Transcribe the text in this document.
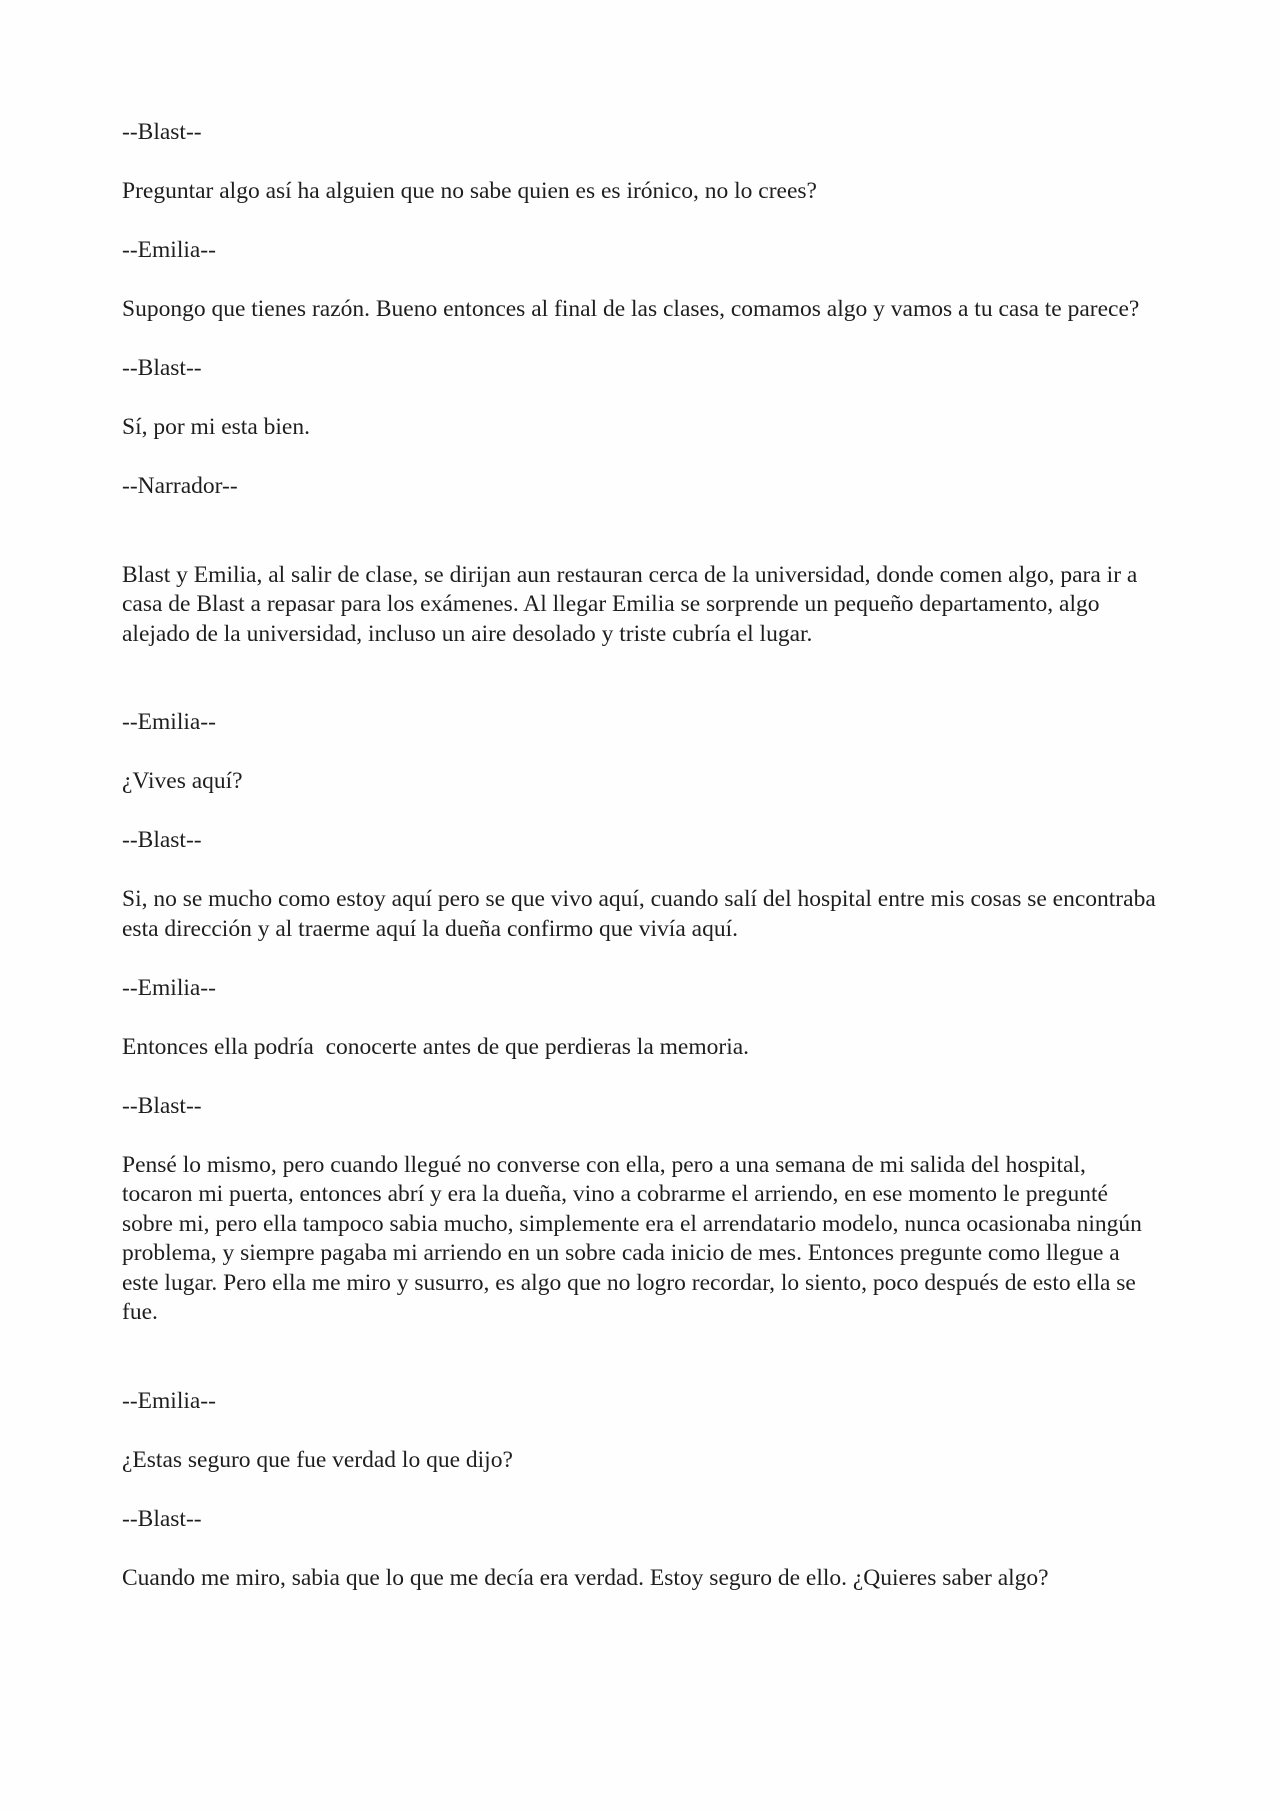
--Blast--

Preguntar algo así ha alguien que no sabe quien es es irónico, no lo crees?

--Emilia--

Supongo que tienes razón. Bueno entonces al final de las clases, comamos algo y vamos a tu casa te parece?

--Blast--

Sí, por mi esta bien.

--Narrador--

Blast y Emilia, al salir de clase, se dirijan aun restauran cerca de la universidad, donde comen algo, para ir a casa de Blast a repasar para los exámenes. Al llegar Emilia se sorprende un pequeño departamento, algo alejado de la universidad, incluso un aire desolado y triste cubría el lugar.

--Emilia--

¿Vives aquí?

--Blast--

Si, no se mucho como estoy aquí pero se que vivo aquí, cuando salí del hospital entre mis cosas se encontraba esta dirección y al traerme aquí la dueña confirmo que vivía aquí.

--Emilia--

Entonces ella podría  conocerte antes de que perdieras la memoria.

--Blast--

Pensé lo mismo, pero cuando llegué no converse con ella, pero a una semana de mi salida del hospital, tocaron mi puerta, entonces abrí y era la dueña, vino a cobrarme el arriendo, en ese momento le pregunté sobre mi, pero ella tampoco sabia mucho, simplemente era el arrendatario modelo, nunca ocasionaba ningún problema, y siempre pagaba mi arriendo en un sobre cada inicio de mes. Entonces pregunte como llegue a este lugar. Pero ella me miro y susurro, es algo que no logro recordar, lo siento, poco después de esto ella se fue.

--Emilia--

¿Estas seguro que fue verdad lo que dijo?

--Blast--

Cuando me miro, sabia que lo que me decía era verdad. Estoy seguro de ello. ¿Quieres saber algo?
